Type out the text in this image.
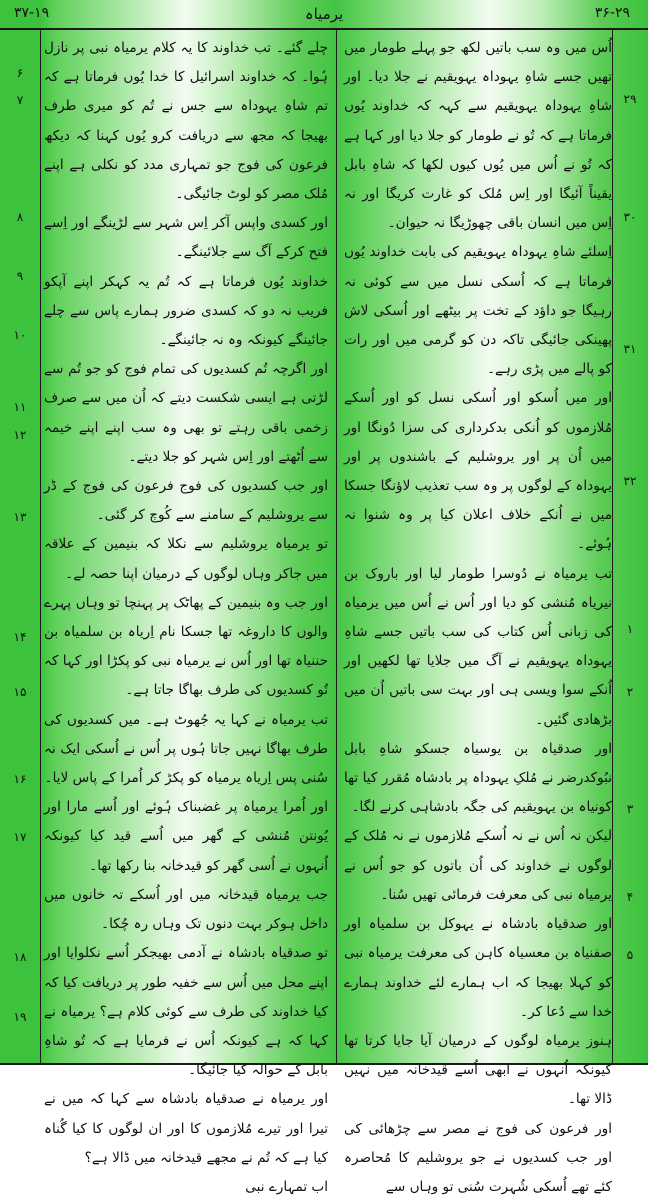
۳۷-۱۹	یرمیاہ	۳۶-۲۹

اُس میں وہ سب باتیں لکھ جو پہلے طومار میں تھیں جسے شاہِ یہوداہ یہویقیم نے جلا دیا۔ اور شاہِ یہوداہ یہویقیم سے کہہ کہ خداوند یُوں فرماتا ہے کہ تُو نے طومار کو جلا دیا اور کہا ہے کہ تُو نے اُس میں یُوں کیوں لکھا کہ شاہِ بابل یقیناً آئیگا اور اِس مُلک کو غارت کریگا اور نہ اِس میں انسان باقی چھوڑیگا نہ حیوان۔

اِسلئے شاہِ یہوداہ یہویقیم کی بابت خداوند یُوں فرماتا ہے کہ اُسکی نسل میں سے کوئی نہ رہیگا جو داؤد کے تخت پر بیٹھے اور اُسکی لاش پھینکی جائیگی تاکہ دن کو گرمی میں اور رات کو پالے میں پڑی رہے۔

اور میں اُسکو اور اُسکی نسل کو اور اُسکے مُلازموں کو اُنکی بدکرداری کی سزا دُونگا اور میں اُن پر اور یروشلیم کے باشندوں پر اور یہوداہ کے لوگوں پر وہ سب تعذیب لاؤنگا جسکا میں نے اُنکے خلاف اعلان کیا پر وہ شنوا نہ ہُوئے۔

تب یرمیاہ نے دُوسرا طومار لیا اور باروک بن نیریاہ مُنشی کو دیا اور اُس نے اُس میں یرمیاہ کی زبانی اُس کتاب کی سب باتیں جسے شاہِ یہوداہ یہویقیم نے آگ میں جلایا تھا لکھیں اور اُنکے سوا ویسی ہی اور بہت سی باتیں اُن میں بڑھادی گئیں۔

اور صدقیاہ بن یوسیاہ جسکو شاہِ بابل نبُوکدرضر نے مُلکِ یہوداہ پر بادشاہ مُقرر کیا تھا کونیاہ بن یہویقیم کی جگہ بادشاہی کرنے لگا۔

لیکن نہ اُس نے نہ اُسکے مُلازموں نے نہ مُلک کے لوگوں نے خداوند کی اُن باتوں کو جو اُس نے یرمیاہ نبی کی معرفت فرمائی تھیں سُنا۔

اور صدقیاہ بادشاہ نے یہوکل بن سلمیاہ اور صفنیاہ بن معسیاہ کاہن کی معرفت یرمیاہ نبی کو کہلا بھیجا کہ اب ہمارے لئے خداوند ہمارے خدا سے دُعا کر۔

ہنوز یرمیاہ لوگوں کے درمیان آیا جایا کرتا تھا کیونکہ اُنہوں نے ابھی اُسے قیدخانہ میں نہیں ڈالا تھا۔

اور فرعون کی فوج نے مصر سے چڑھائی کی اور جب کسدیوں نے جو یروشلیم کا مُحاصرہ کئے تھے اُسکی شُہرت سُنی تو وہاں سے

چلے گئے۔ تب خداوند کا یہ کلام یرمیاہ نبی پر نازل ہُوا۔ کہ خداوند اسرائیل کا خدا یُوں فرماتا ہے کہ تم شاہِ یہوداہ سے جس نے تُم کو میری طرف بھیجا کہ مجھ سے دریافت کرو یُوں کہنا کہ دیکھ فرعون کی فوج جو تمہاری مدد کو نکلی ہے اپنے مُلک مصر کو لوٹ جائیگی۔

اور کسدی واپس آکر اِس شہر سے لڑینگے اور اِسے فتح کرکے آگ سے جلائینگے۔

خداوند یُوں فرماتا ہے کہ تُم یہ کہکر اپنے آپکو فریب نہ دو کہ کسدی ضرور ہمارے پاس سے چلے جائینگے کیونکہ وہ نہ جائینگے۔

اور اگرچہ تُم کسدیوں کی تمام فوج کو جو تُم سے لڑتی ہے ایسی شکست دیتے کہ اُن میں سے صرف زخمی باقی رہتے تو بھی وہ سب اپنے اپنے خیمہ سے اُٹھتے اور اِس شہر کو جلا دیتے۔

اور جب کسدیوں کی فوج فرعون کی فوج کے ڈر سے یروشلیم کے سامنے سے کُوچ کر گئی۔

تو یرمیاہ یروشلیم سے نکلا کہ بنیمین کے علاقہ میں جاکر وہاں لوگوں کے درمیان اپنا حصہ لے۔

اور جب وہ بنیمین کے پھاٹک پر پہنچا تو وہاں پہرے والوں کا داروغہ تھا جسکا نام اِریاہ بن سلمیاہ بن حننیاہ تھا اور اُس نے یرمیاہ نبی کو پکڑا اور کہا کہ تُو کسدیوں کی طرف بھاگا جاتا ہے۔

تب یرمیاہ نے کہا یہ جُھوٹ ہے۔ میں کسدیوں کی طرف بھاگا نہیں جاتا ہُوں پر اُس نے اُسکی ایک نہ سُنی پس اِریاہ یرمیاہ کو پکڑ کر اُمرا کے پاس لایا۔

اور اُمرا یرمیاہ پر غضبناک ہُوئے اور اُسے مارا اور یُونتن مُنشی کے گھر میں اُسے قید کیا کیونکہ اُنہوں نے اُسی گھر کو قیدخانہ بنا رکھا تھا۔

جب یرمیاہ قیدخانہ میں اور اُسکے تہ خانوں میں داخل ہوکر بہت دنوں تک وہاں رہ چُکا۔

تو صدقیاہ بادشاہ نے آدمی بھیجکر اُسے نکلوایا اور اپنے محل میں اُس سے خفیہ طور پر دریافت کیا کہ کیا خداوند کی طرف سے کوئی کلام ہے؟ یرمیاہ نے کہا کہ ہے کیونکہ اُس نے فرمایا ہے کہ تُو شاہِ بابل کے حوالہ کیا جائیگا۔

اور یرمیاہ نے صدقیاہ بادشاہ سے کہا کہ میں نے تیرا اور تیرے مُلازموں کا اور ان لوگوں کا کیا گُناہ کیا ہے کہ تُم نے مجھے قیدخانہ میں ڈالا ہے؟

اب تمہارے نبی

۲۹
۳۰
۳۱
۳۲
۱
۲
۳
۴
۵
۶
۷
۸
۹
۱۰
۱۱
۱۲
۱۳
۱۴
۱۵
۱۶
۱۷
۱۸
۱۹
